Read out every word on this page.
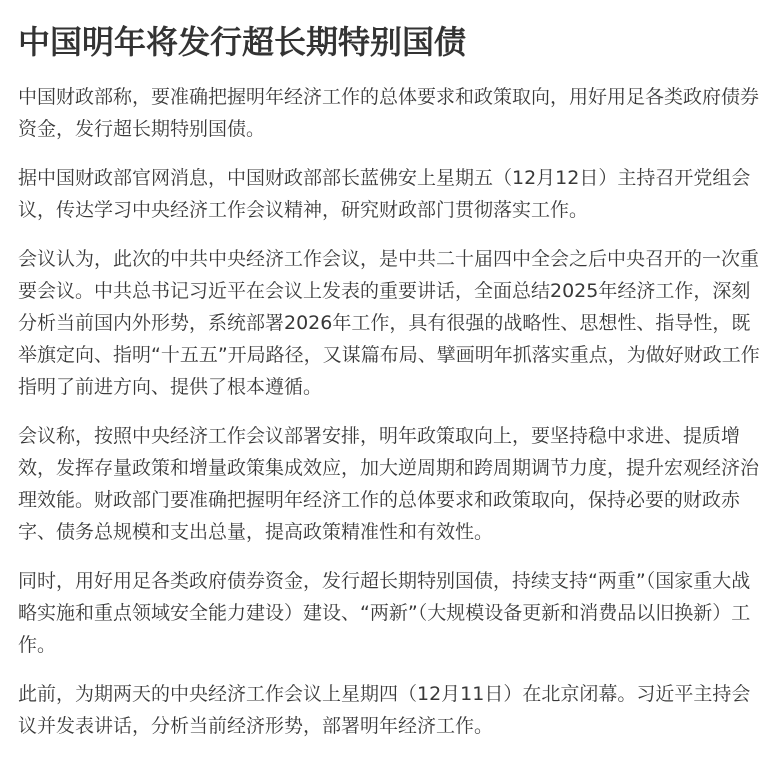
中国明年将发行超长期特别国债

中国财政部称，要准确把握明年经济工作的总体要求和政策取向，用好用足各类政府债券资金，发行超长期特别国债。

据中国财政部官网消息，中国财政部部长蓝佛安上星期五（12月12日）主持召开党组会议，传达学习中央经济工作会议精神，研究财政部门贯彻落实工作。

会议认为，此次的中共中央经济工作会议，是中共二十届四中全会之后中央召开的一次重要会议。中共总书记习近平在会议上发表的重要讲话，全面总结2025年经济工作，深刻分析当前国内外形势，系统部署2026年工作，具有很强的战略性、思想性、指导性，既举旗定向、指明“十五五”开局路径，又谋篇布局、擘画明年抓落实重点，为做好财政工作指明了前进方向、提供了根本遵循。

会议称，按照中央经济工作会议部署安排，明年政策取向上，要坚持稳中求进、提质增效，发挥存量政策和增量政策集成效应，加大逆周期和跨周期调节力度，提升宏观经济治理效能。财政部门要准确把握明年经济工作的总体要求和政策取向，保持必要的财政赤字、债务总规模和支出总量，提高政策精准性和有效性。

同时，用好用足各类政府债券资金，发行超长期特别国债，持续支持“两重”（国家重大战略实施和重点领域安全能力建设）建设、“两新”（大规模设备更新和消费品以旧换新）工作。

此前，为期两天的中央经济工作会议上星期四（12月11日）在北京闭幕。习近平主持会议并发表讲话，分析当前经济形势，部署明年经济工作。
